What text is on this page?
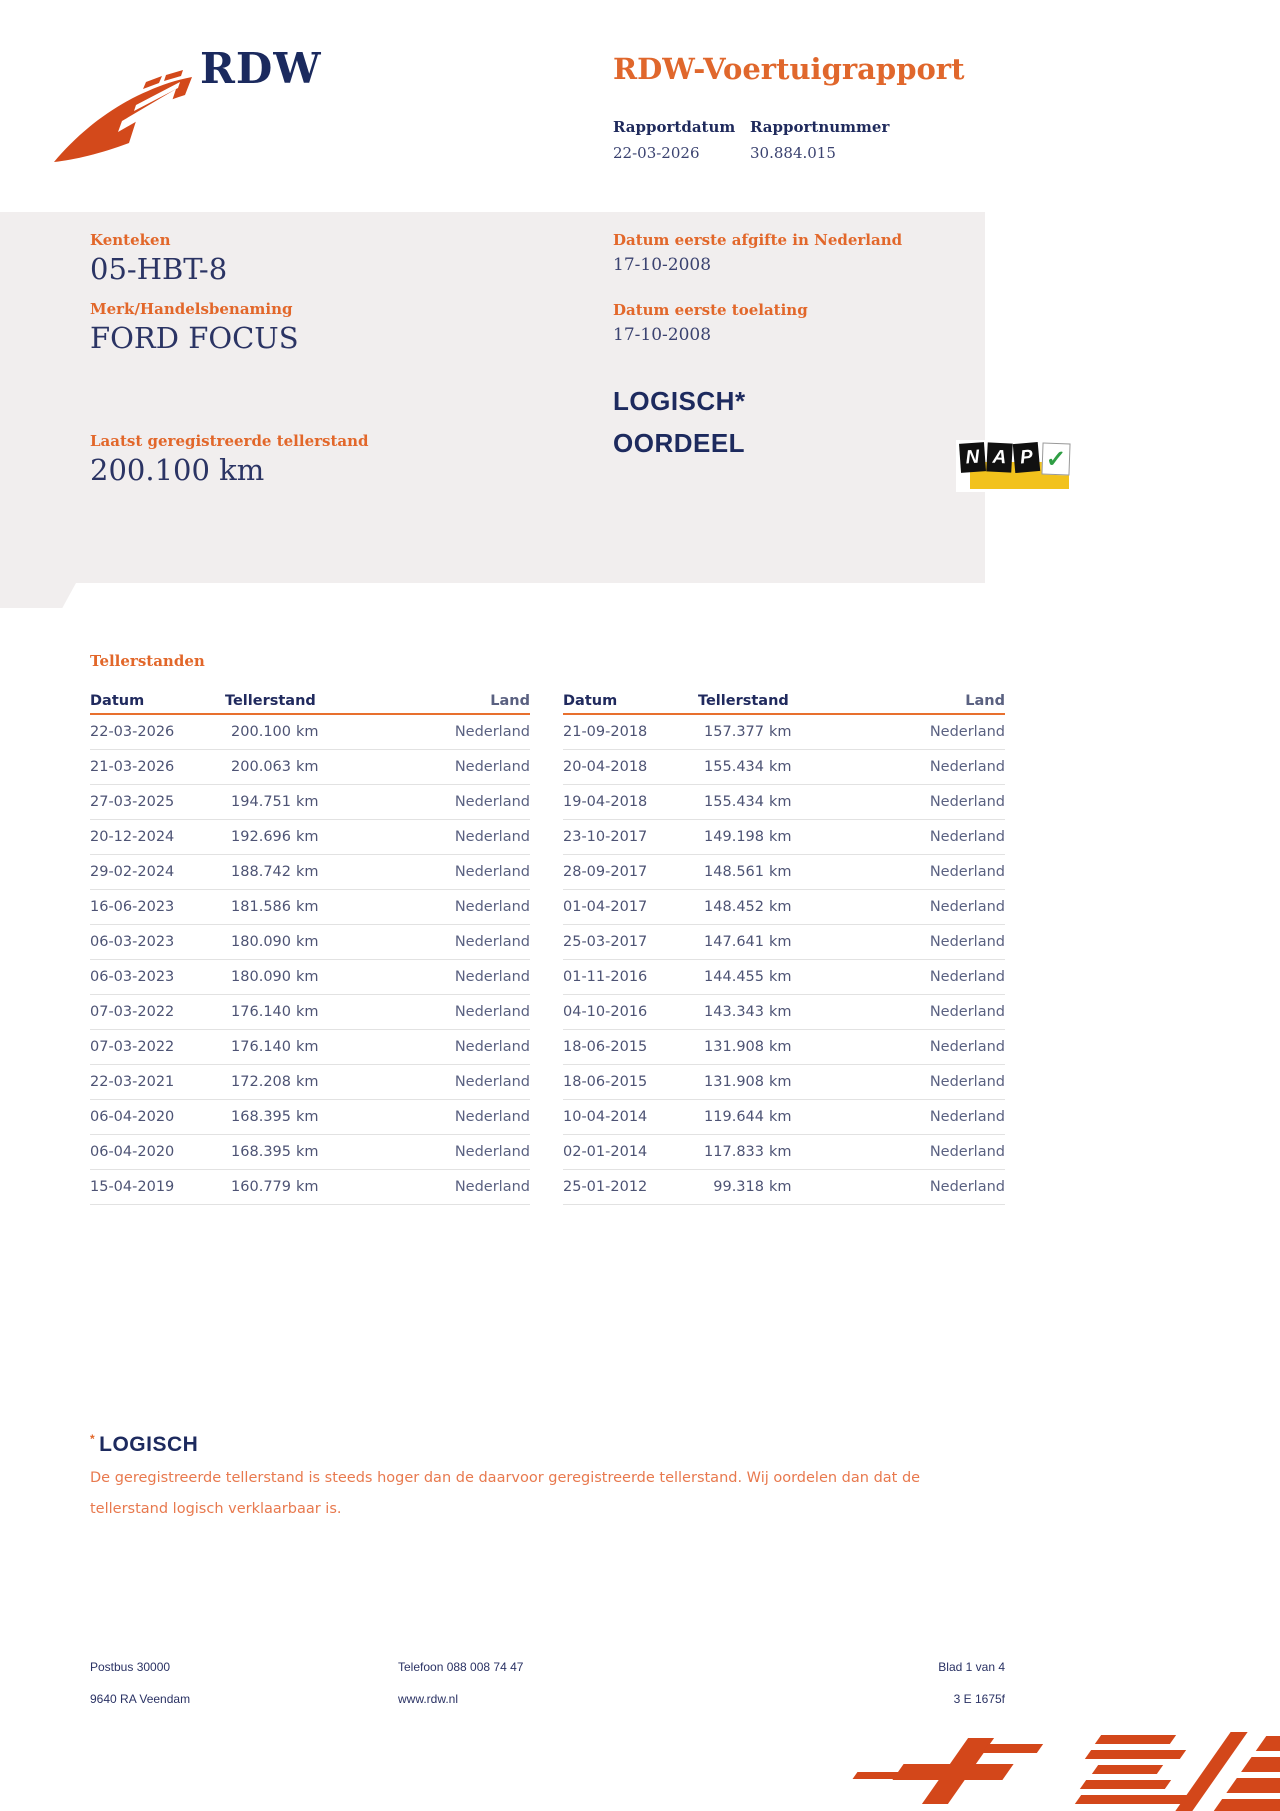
RDW	RDW-Voertuigrapport
Rapportdatum Rapportnummer
22-03-2026	30.884.015
Kenteken
05-HBT-8
Merk/Handelsbenaming
FORD FOCUS
Laatst geregistreerde tellerstand
200.100 km
Datum eerste afgifte in Nederland
17-10-2008
Datum eerste toelating
17-10-2008
LOGISCH*
OORDEEL	N A P ✓
Tellerstanden
Datum	Tellerstand	Land
22-03-2026	200.100 km	Nederland
21-03-2026	200.063 km	Nederland
27-03-2025	194.751 km	Nederland
20-12-2024	192.696 km	Nederland
29-02-2024	188.742 km	Nederland
16-06-2023	181.586 km	Nederland
06-03-2023	180.090 km	Nederland
06-03-2023	180.090 km	Nederland
07-03-2022	176.140 km	Nederland
07-03-2022	176.140 km	Nederland
22-03-2021	172.208 km	Nederland
06-04-2020	168.395 km	Nederland
06-04-2020	168.395 km	Nederland
15-04-2019	160.779 km	Nederland
Datum	Tellerstand	Land
21-09-2018	157.377 km	Nederland
20-04-2018	155.434 km	Nederland
19-04-2018	155.434 km	Nederland
23-10-2017	149.198 km	Nederland
28-09-2017	148.561 km	Nederland
01-04-2017	148.452 km	Nederland
25-03-2017	147.641 km	Nederland
01-11-2016	144.455 km	Nederland
04-10-2016	143.343 km	Nederland
18-06-2015	131.908 km	Nederland
18-06-2015	131.908 km	Nederland
10-04-2014	119.644 km	Nederland
02-01-2014	117.833 km	Nederland
25-01-2012	99.318 km	Nederland
* LOGISCH
De geregistreerde tellerstand is steeds hoger dan de daarvoor geregistreerde tellerstand. Wij oordelen dan dat de
tellerstand logisch verklaarbaar is.
Postbus 30000
9640 RA Veendam
Telefoon 088 008 74 47
www.rdw.nl
Blad 1 van 4
3 E 1675f
